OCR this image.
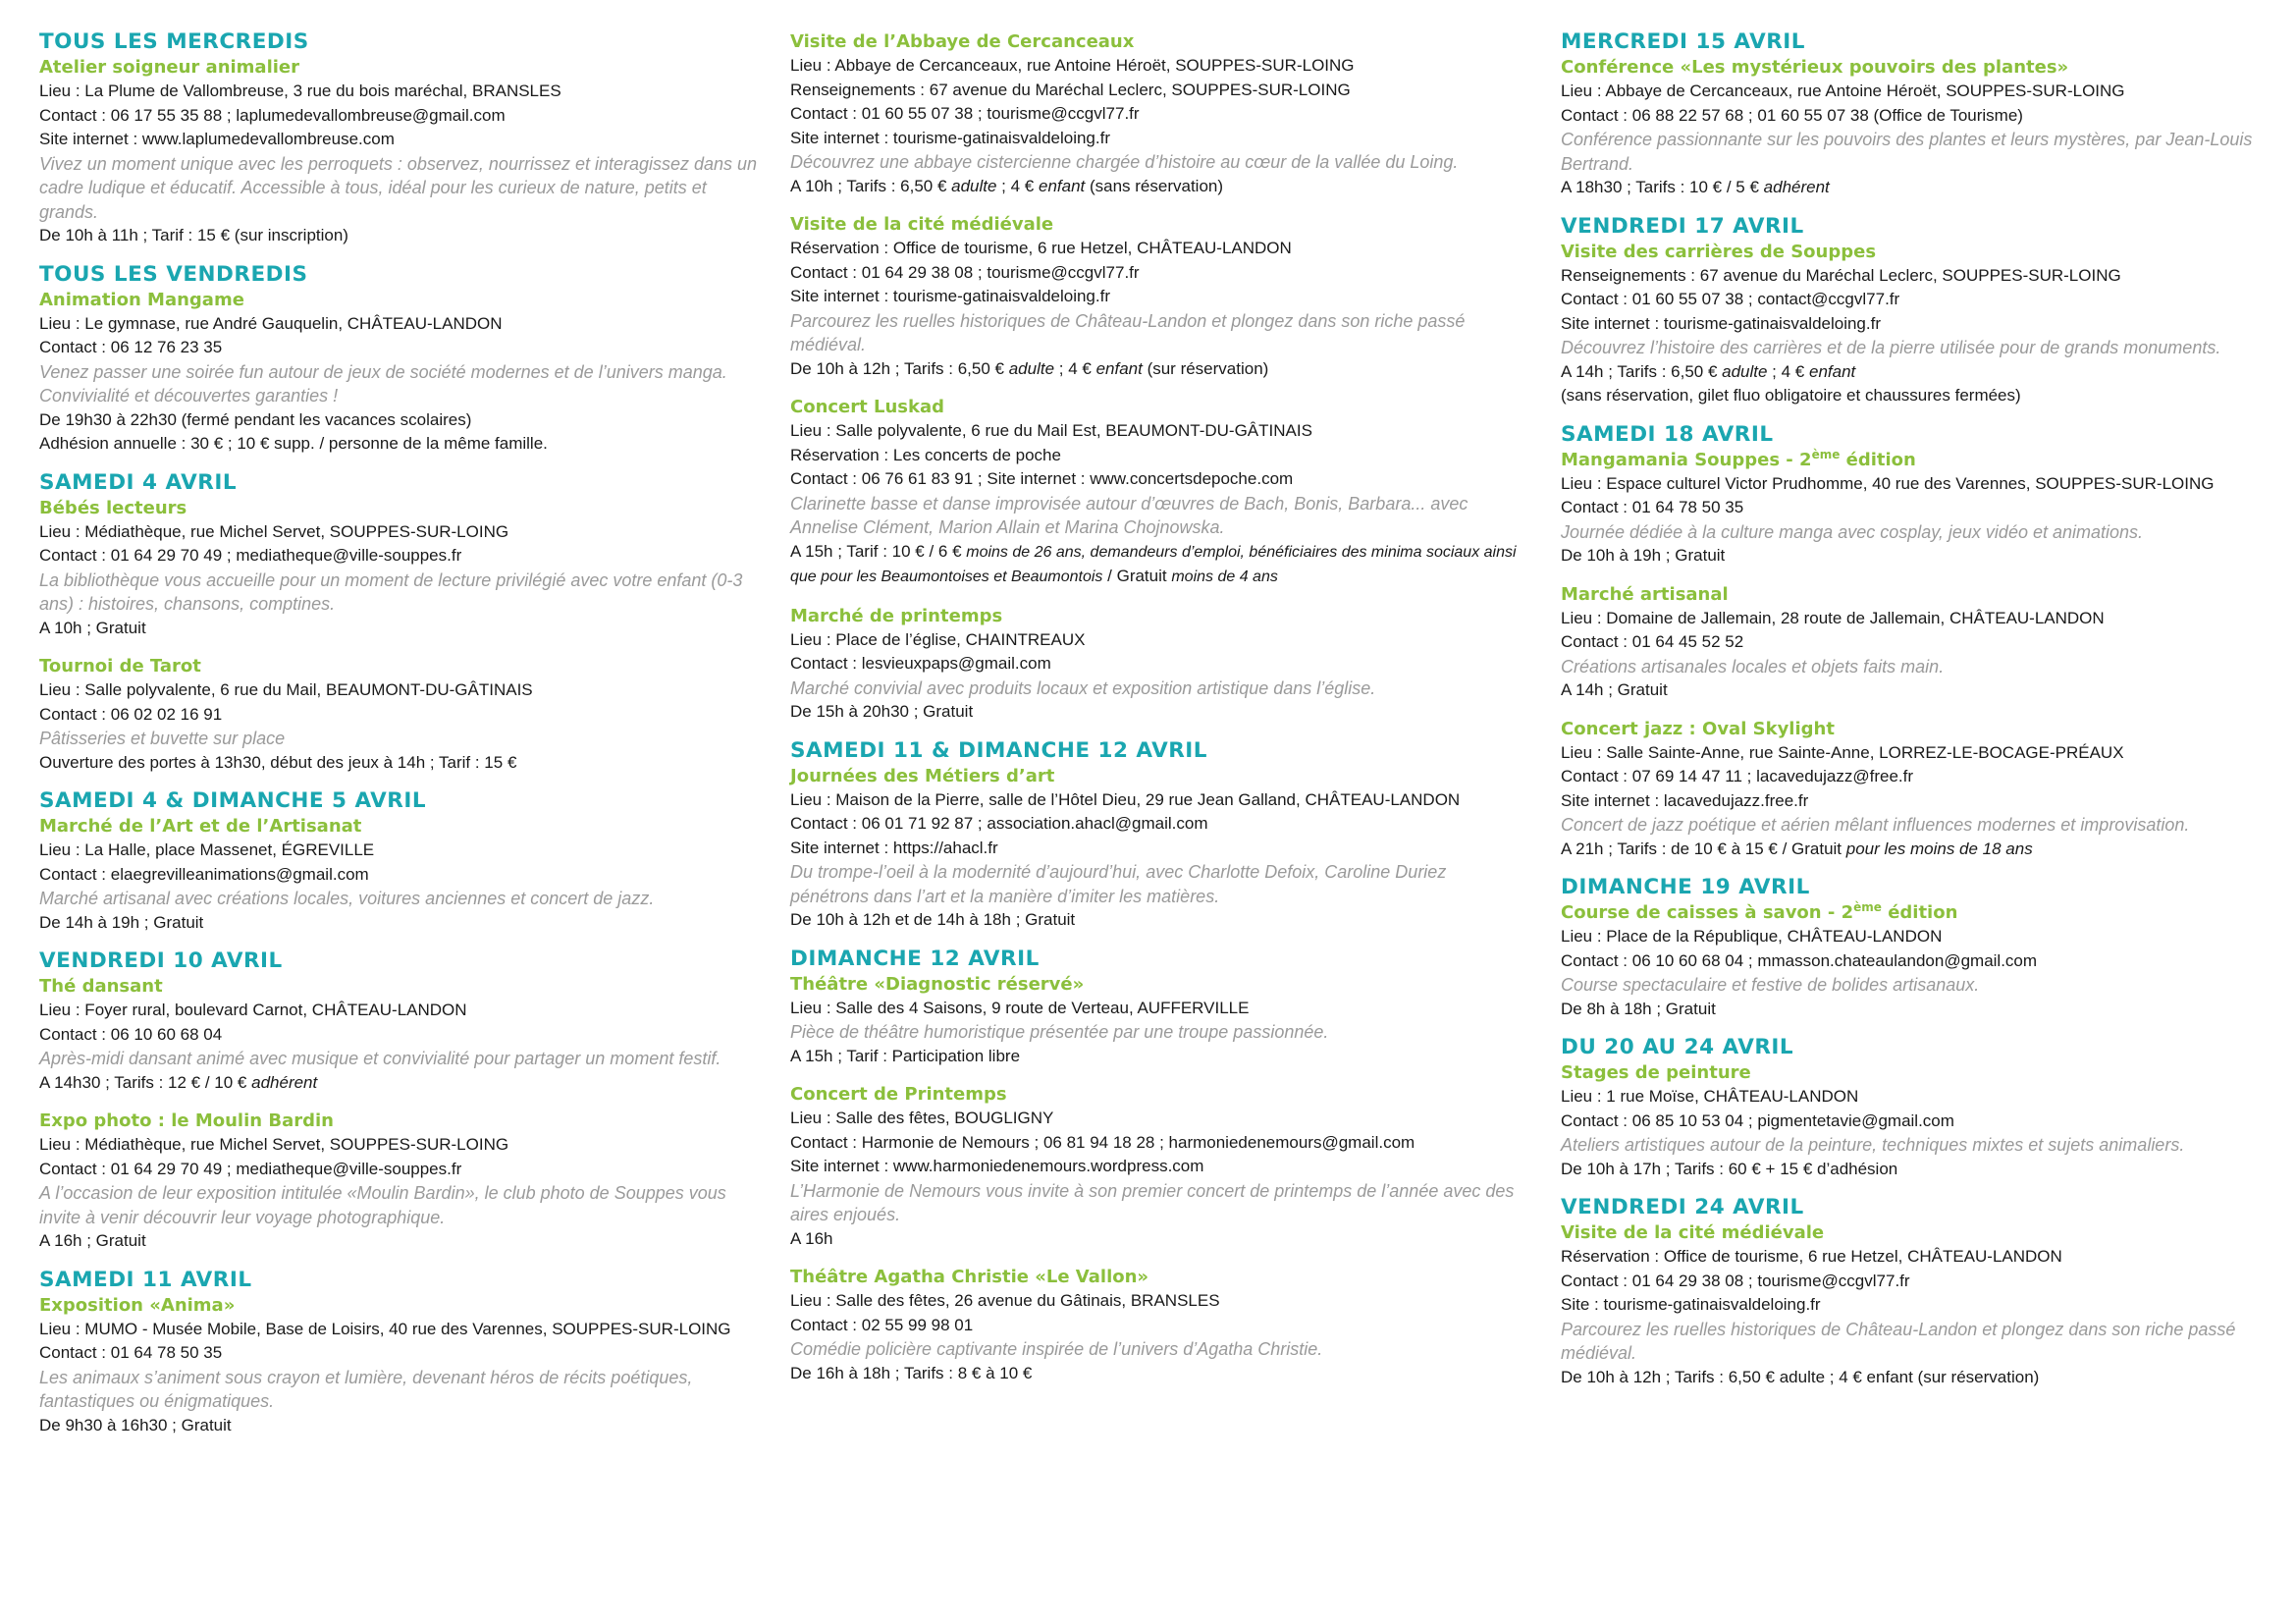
TOUS LES MERCREDIS
Atelier soigneur animalier
Lieu : La Plume de Vallombreuse, 3 rue du bois maréchal, BRANSLES
Contact : 06 17 55 35 88 ; laplumedevallombreuse@gmail.com
Site internet : www.laplumedevallombreuse.com
Vivez un moment unique avec les perroquets : observez, nourrissez et interagissez dans un cadre ludique et éducatif. Accessible à tous, idéal pour les curieux de nature, petits et grands.
De 10h à 11h ; Tarif : 15 € (sur inscription)
TOUS LES VENDREDIS
Animation Mangame
Lieu : Le gymnase, rue André Gauquelin, CHÂTEAU-LANDON
Contact : 06 12 76 23 35
Venez passer une soirée fun autour de jeux de société modernes et de l’univers manga. Convivialité et découvertes garanties !
De 19h30 à 22h30 (fermé pendant les vacances scolaires)
Adhésion annuelle : 30 € ; 10 € supp. / personne de la même famille.
SAMEDI 4 AVRIL
Bébés lecteurs
Lieu : Médiathèque, rue Michel Servet, SOUPPES-SUR-LOING
Contact : 01 64 29 70 49 ; mediatheque@ville-souppes.fr
La bibliothèque vous accueille pour un moment de lecture privilégié avec votre enfant (0-3 ans) : histoires, chansons, comptines.
A 10h ; Gratuit
Tournoi de Tarot
Lieu : Salle polyvalente, 6 rue du Mail, BEAUMONT-DU-GÂTINAIS
Contact : 06 02 02 16 91
Pâtisseries et buvette sur place
Ouverture des portes à 13h30, début des jeux à 14h ; Tarif : 15 €
SAMEDI 4 & DIMANCHE 5 AVRIL
Marché de l’Art et de l’Artisanat
Lieu : La Halle, place Massenet, ÉGREVILLE
Contact : elaegrevilleanimations@gmail.com
Marché artisanal avec créations locales, voitures anciennes et concert de jazz.
De 14h à 19h ; Gratuit
VENDREDI 10 AVRIL
Thé dansant
Lieu : Foyer rural, boulevard Carnot, CHÂTEAU-LANDON
Contact : 06 10 60 68 04
Après-midi dansant animé avec musique et convivialité pour partager un moment festif.
A 14h30 ; Tarifs : 12 € / 10 € adhérent
Expo photo : le Moulin Bardin
Lieu : Médiathèque, rue Michel Servet, SOUPPES-SUR-LOING
Contact : 01 64 29 70 49 ; mediatheque@ville-souppes.fr
A l’occasion de leur exposition intitulée «Moulin Bardin», le club photo de Souppes vous invite à venir découvrir leur voyage photographique.
A 16h ; Gratuit
SAMEDI 11 AVRIL
Exposition «Anima»
Lieu : MUMO - Musée Mobile, Base de Loisirs, 40 rue des Varennes, SOUPPES-SUR-LOING
Contact : 01 64 78 50 35
Les animaux s’animent sous crayon et lumière, devenant héros de récits poétiques, fantastiques ou énigmatiques.
De 9h30 à 16h30 ; Gratuit
Visite de l’Abbaye de Cercanceaux
Lieu : Abbaye de Cercanceaux, rue Antoine Héroët, SOUPPES-SUR-LOING
Renseignements : 67 avenue du Maréchal Leclerc, SOUPPES-SUR-LOING
Contact : 01 60 55 07 38 ; tourisme@ccgvl77.fr
Site internet : tourisme-gatinaisvaldeloing.fr
Découvrez une abbaye cistercienne chargée d’histoire au cœur de la vallée du Loing.
A 10h ; Tarifs : 6,50 € adulte ; 4 € enfant (sans réservation)
Visite de la cité médiévale
Réservation : Office de tourisme, 6 rue Hetzel, CHÂTEAU-LANDON
Contact : 01 64 29 38 08 ; tourisme@ccgvl77.fr
Site internet : tourisme-gatinaisvaldeloing.fr
Parcourez les ruelles historiques de Château-Landon et plongez dans son riche passé médiéval.
De 10h à 12h ; Tarifs : 6,50 € adulte ; 4 € enfant (sur réservation)
Concert Luskad
Lieu : Salle polyvalente, 6 rue du Mail Est, BEAUMONT-DU-GÂTINAIS
Réservation : Les concerts de poche
Contact : 06 76 61 83 91 ; Site internet : www.concertsdepoche.com
Clarinette basse et danse improvisée autour d’œuvres de Bach, Bonis, Barbara... avec Annelise Clément, Marion Allain et Marina Chojnowska.
A 15h ; Tarif : 10 € / 6 € moins de 26 ans, demandeurs d’emploi, bénéficiaires des minima sociaux ainsi que pour les Beaumontoises et Beaumontois / Gratuit moins de 4 ans
Marché de printemps
Lieu : Place de l’église, CHAINTREAUX
Contact : lesvieuxpaps@gmail.com
Marché convivial avec produits locaux et exposition artistique dans l’église.
De 15h à 20h30 ; Gratuit
SAMEDI 11 & DIMANCHE 12 AVRIL
Journées des Métiers d’art
Lieu : Maison de la Pierre, salle de l’Hôtel Dieu, 29 rue Jean Galland, CHÂTEAU-LANDON
Contact : 06 01 71 92 87 ; association.ahacl@gmail.com
Site internet : https://ahacl.fr
Du trompe-l’oeil à la modernité d’aujourd’hui, avec Charlotte Defoix, Caroline Duriez pénétrons dans l’art et la manière d’imiter les matières.
De 10h à 12h et de 14h à 18h ; Gratuit
DIMANCHE 12 AVRIL
Théâtre «Diagnostic réservé»
Lieu : Salle des 4 Saisons, 9 route de Verteau, AUFFERVILLE
Pièce de théâtre humoristique présentée par une troupe passionnée.
A 15h ; Tarif : Participation libre
Concert de Printemps
Lieu : Salle des fêtes, BOUGLIGNY
Contact : Harmonie de Nemours ; 06 81 94 18 28 ; harmoniedenemours@gmail.com
Site internet : www.harmoniedenemours.wordpress.com
L’Harmonie de Nemours vous invite à son premier concert de printemps de l’année avec des aires enjoués.
A 16h
Théâtre Agatha Christie «Le Vallon»
Lieu : Salle des fêtes, 26 avenue du Gâtinais, BRANSLES
Contact : 02 55 99 98 01
Comédie policière captivante inspirée de l’univers d’Agatha Christie.
De 16h à 18h ; Tarifs : 8 € à 10 €
MERCREDI 15 AVRIL
Conférence «Les mystérieux pouvoirs des plantes»
Lieu : Abbaye de Cercanceaux, rue Antoine Héroët, SOUPPES-SUR-LOING
Contact : 06 88 22 57 68 ; 01 60 55 07 38 (Office de Tourisme)
Conférence passionnante sur les pouvoirs des plantes et leurs mystères, par Jean-Louis Bertrand.
A 18h30 ; Tarifs : 10 € / 5 € adhérent
VENDREDI 17 AVRIL
Visite des carrières de Souppes
Renseignements : 67 avenue du Maréchal Leclerc, SOUPPES-SUR-LOING
Contact : 01 60 55 07 38 ; contact@ccgvl77.fr
Site internet : tourisme-gatinaisvaldeloing.fr
Découvrez l’histoire des carrières et de la pierre utilisée pour de grands monuments.
A 14h ; Tarifs : 6,50 € adulte ; 4 € enfant
(sans réservation, gilet fluo obligatoire et chaussures fermées)
SAMEDI 18 AVRIL
Mangamania Souppes - 2ème édition
Lieu : Espace culturel Victor Prudhomme, 40 rue des Varennes, SOUPPES-SUR-LOING
Contact : 01 64 78 50 35
Journée dédiée à la culture manga avec cosplay, jeux vidéo et animations.
De 10h à 19h ; Gratuit
Marché artisanal
Lieu : Domaine de Jallemain, 28 route de Jallemain, CHÂTEAU-LANDON
Contact : 01 64 45 52 52
Créations artisanales locales et objets faits main.
A 14h ; Gratuit
Concert jazz : Oval Skylight
Lieu : Salle Sainte-Anne, rue Sainte-Anne, LORREZ-LE-BOCAGE-PRÉAUX
Contact : 07 69 14 47 11 ; lacavedujazz@free.fr
Site internet : lacavedujazz.free.fr
Concert de jazz poétique et aérien mêlant influences modernes et improvisation.
A 21h ; Tarifs : de 10 € à 15 € / Gratuit pour les moins de 18 ans
DIMANCHE 19 AVRIL
Course de caisses à savon - 2ème édition
Lieu : Place de la République, CHÂTEAU-LANDON
Contact : 06 10 60 68 04 ; mmasson.chateaulandon@gmail.com
Course spectaculaire et festive de bolides artisanaux.
De 8h à 18h ; Gratuit
DU 20 AU 24 AVRIL
Stages de peinture
Lieu : 1 rue Moïse, CHÂTEAU-LANDON
Contact : 06 85 10 53 04 ; pigmentetavie@gmail.com
Ateliers artistiques autour de la peinture, techniques mixtes et sujets animaliers.
De 10h à 17h ; Tarifs : 60 € + 15 € d’adhésion
VENDREDI 24 AVRIL
Visite de la cité médiévale
Réservation : Office de tourisme, 6 rue Hetzel, CHÂTEAU-LANDON
Contact : 01 64 29 38 08 ; tourisme@ccgvl77.fr
Site : tourisme-gatinaisvaldeloing.fr
Parcourez les ruelles historiques de Château-Landon et plongez dans son riche passé médiéval.
De 10h à 12h ; Tarifs : 6,50 € adulte ; 4 € enfant (sur réservation)
